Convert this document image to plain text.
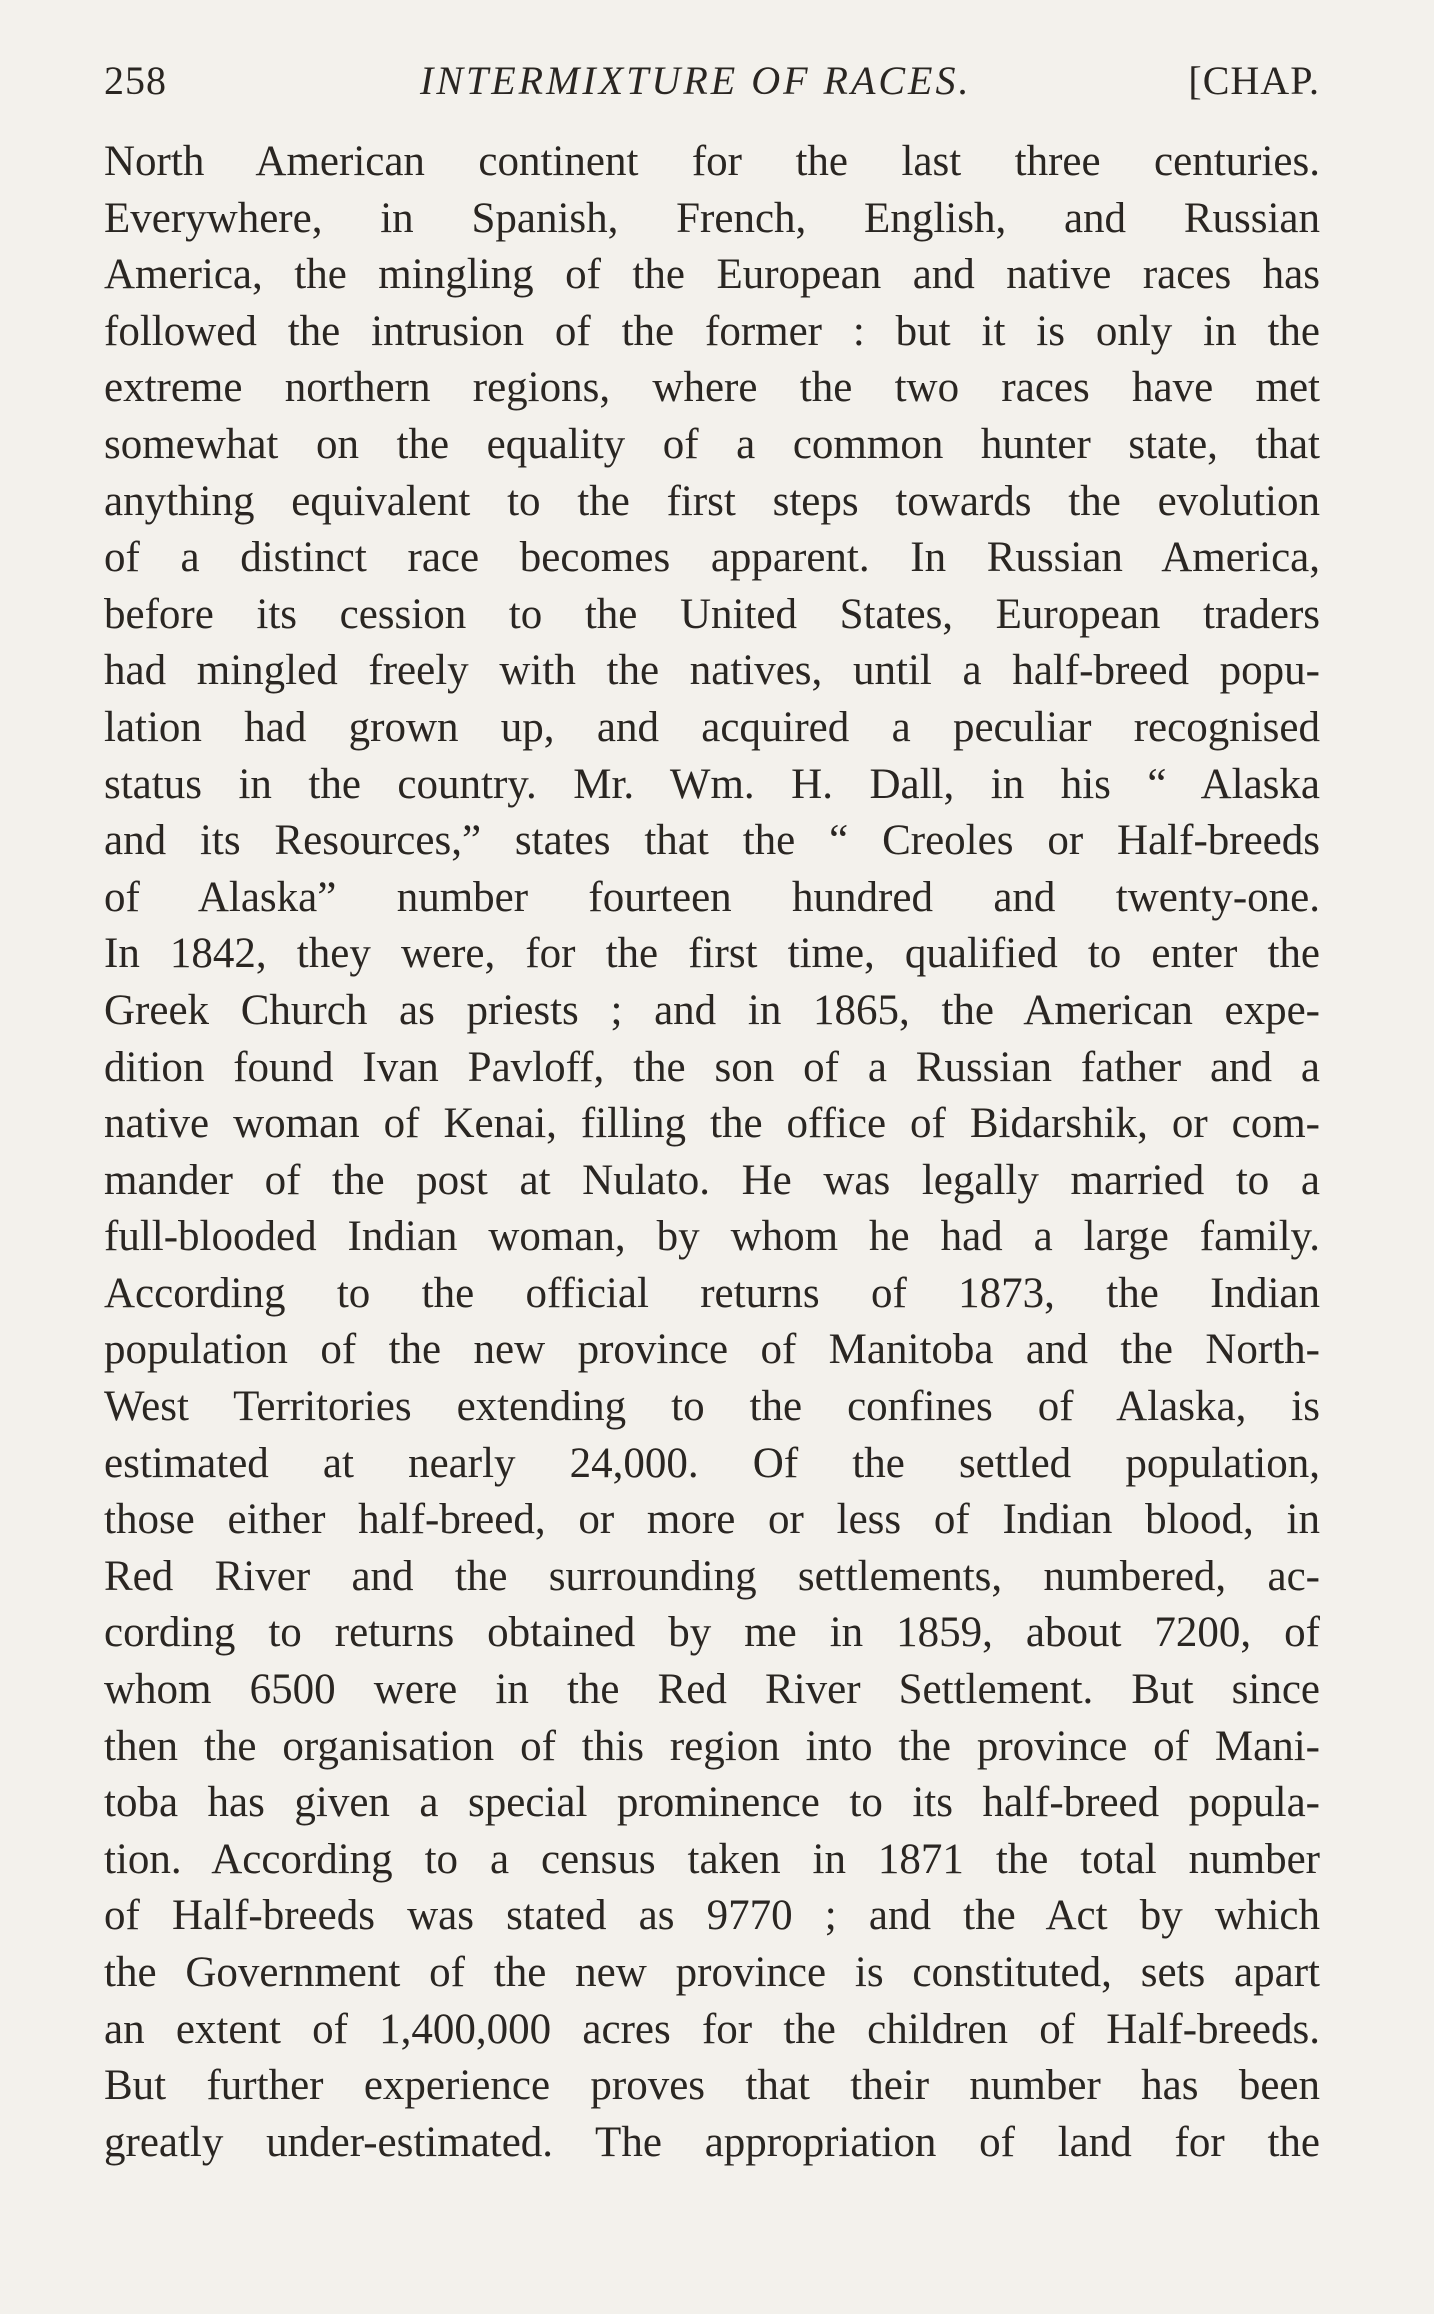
258	INTERMIXTURE OF RACES.	[CHAP.
North American continent for the last three centuries.
Everywhere, in Spanish, French, English, and Russian
America, the mingling of the European and native races has
followed the intrusion of the former : but it is only in the
extreme northern regions, where the two races have met
somewhat on the equality of a common hunter state, that
anything equivalent to the first steps towards the evolution
of a distinct race becomes apparent. In Russian America,
before its cession to the United States, European traders
had mingled freely with the natives, until a half-breed popu-
lation had grown up, and acquired a peculiar recognised
status in the country. Mr. Wm. H. Dall, in his “ Alaska
and its Resources,” states that the “ Creoles or Half-breeds
of Alaska” number fourteen hundred and twenty-one.
In 1842, they were, for the first time, qualified to enter the
Greek Church as priests ; and in 1865, the American expe-
dition found Ivan Pavloff, the son of a Russian father and a
native woman of Kenai, filling the office of Bidarshik, or com-
mander of the post at Nulato. He was legally married to a
full-blooded Indian woman, by whom he had a large family.
According to the official returns of 1873, the Indian
population of the new province of Manitoba and the North-
West Territories extending to the confines of Alaska, is
estimated at nearly 24,000. Of the settled population,
those either half-breed, or more or less of Indian blood, in
Red River and the surrounding settlements, numbered, ac-
cording to returns obtained by me in 1859, about 7200, of
whom 6500 were in the Red River Settlement. But since
then the organisation of this region into the province of Mani-
toba has given a special prominence to its half-breed popula-
tion. According to a census taken in 1871 the total number
of Half-breeds was stated as 9770 ; and the Act by which
the Government of the new province is constituted, sets apart
an extent of 1,400,000 acres for the children of Half-breeds.
But further experience proves that their number has been
greatly under-estimated. The appropriation of land for the
